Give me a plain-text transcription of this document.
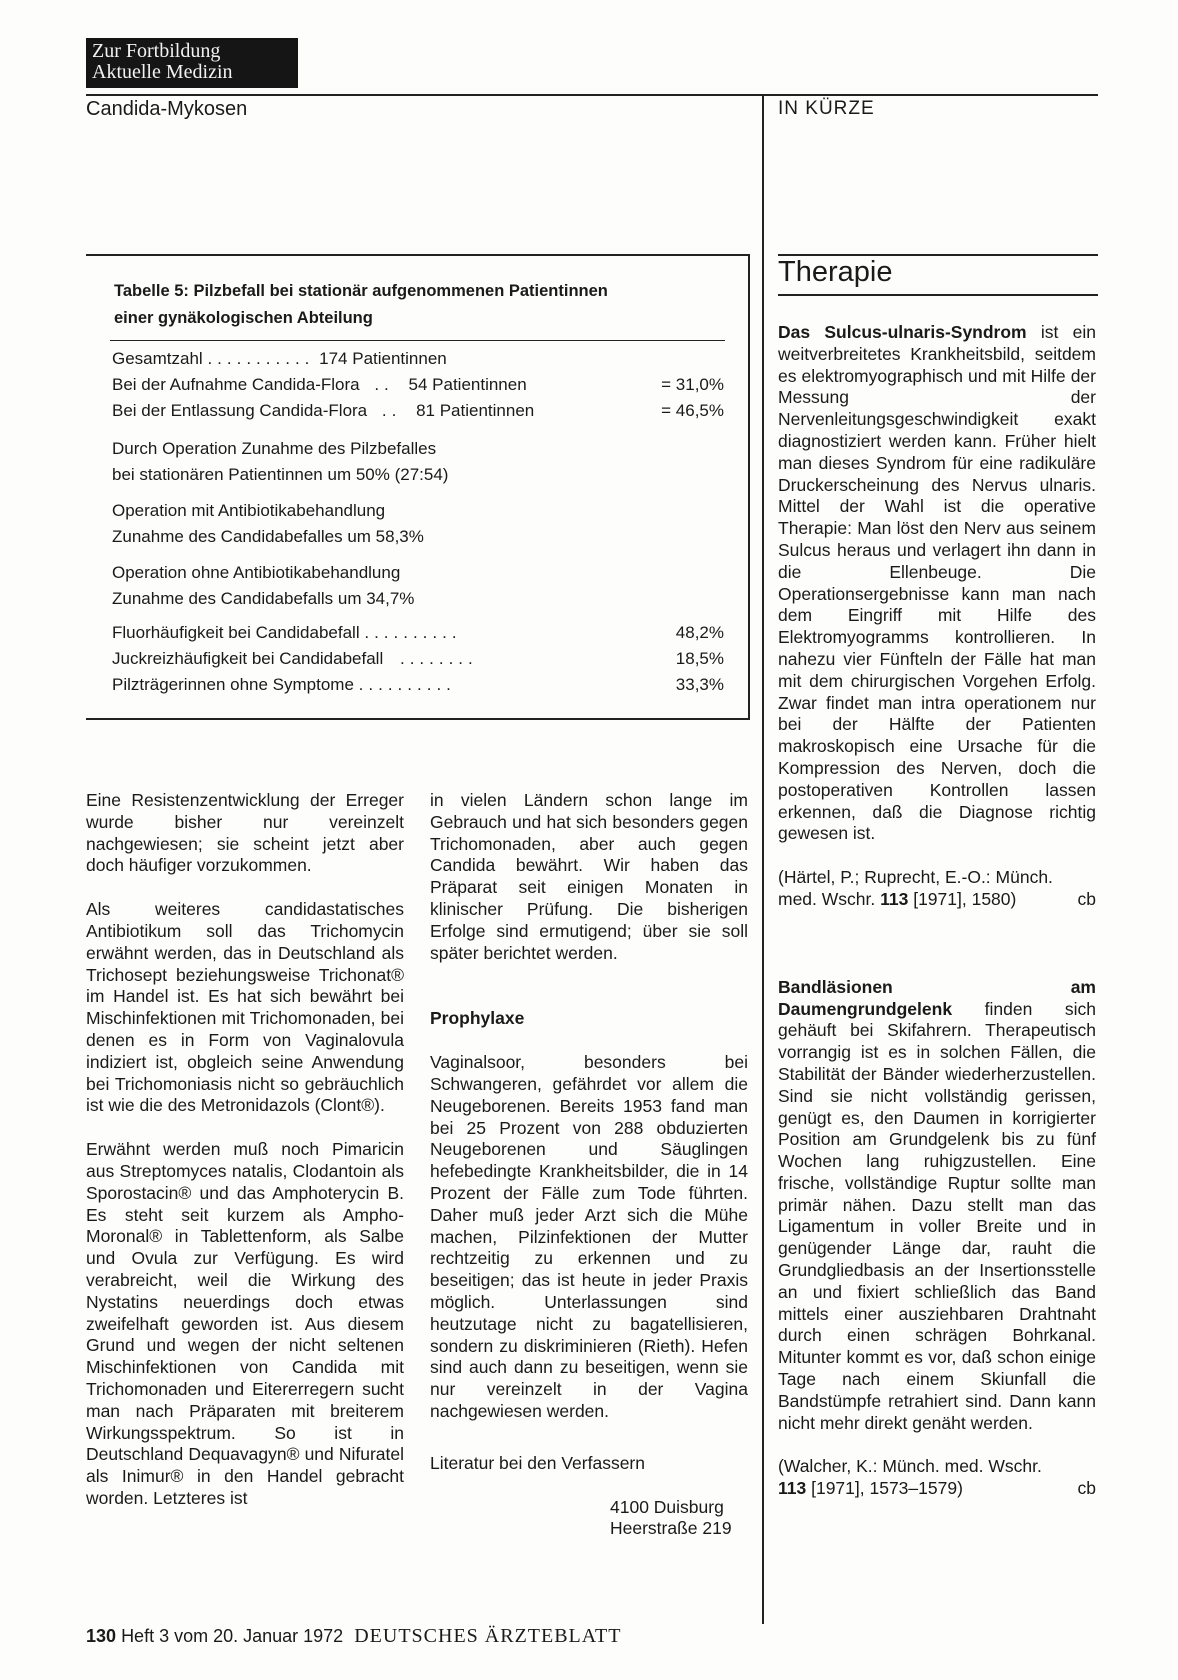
Zur Fortbildung
Aktuelle Medizin
Candida-Mykosen	IN KÜRZE
Tabelle 5: Pilzbefall bei stationär aufgenommenen Patientinnen
einer gynäkologischen Abteilung
Gesamtzahl ........... 174 Patientinnen
Bei der Aufnahme Candida-Flora .. 54 Patientinnen	= 31,0%
Bei der Entlassung Candida-Flora .. 81 Patientinnen	= 46,5%
Durch Operation Zunahme des Pilzbefalles
bei stationären Patientinnen um 50% (27:54)
Operation mit Antibiotikabehandlung
Zunahme des Candidabefalles um 58,3%
Operation ohne Antibiotikabehandlung
Zunahme des Candidabefalls um 34,7%
Fluorhäufigkeit bei Candidabefall ..........	48,2%
Juckreizhäufigkeit bei Candidabefall ........	18,5%
Pilzträgerinnen ohne Symptome ..........	33,3%

Eine Resistenzentwicklung der Erreger wurde bisher nur vereinzelt nachgewiesen; sie scheint jetzt aber doch häufiger vorzukommen.

Als weiteres candidastatisches Antibiotikum soll das Trichomycin erwähnt werden, das in Deutschland als Trichosept beziehungsweise Trichonat® im Handel ist. Es hat sich bewährt bei Mischinfektionen mit Trichomonaden, bei denen es in Form von Vaginalovula indiziert ist, obgleich seine Anwendung bei Trichomoniasis nicht so gebräuchlich ist wie die des Metronidazols (Clont®).

Erwähnt werden muß noch Pimaricin aus Streptomyces natalis, Clodantoin als Sporostacin® und das Amphoterycin B. Es steht seit kurzem als Ampho-Moronal® in Tablettenform, als Salbe und Ovula zur Verfügung. Es wird verabreicht, weil die Wirkung des Nystatins neuerdings doch etwas zweifelhaft geworden ist. Aus diesem Grund und wegen der nicht seltenen Mischinfektionen von Candida mit Trichomonaden und Eitererregern sucht man nach Präparaten mit breiterem Wirkungsspektrum. So ist in Deutschland Dequavagyn® und Nifuratel als Inimur® in den Handel gebracht worden. Letzteres ist

in vielen Ländern schon lange im Gebrauch und hat sich besonders gegen Trichomonaden, aber auch gegen Candida bewährt. Wir haben das Präparat seit einigen Monaten in klinischer Prüfung. Die bisherigen Erfolge sind ermutigend; über sie soll später berichtet werden.

Prophylaxe

Vaginalsoor, besonders bei Schwangeren, gefährdet vor allem die Neugeborenen. Bereits 1953 fand man bei 25 Prozent von 288 obduzierten Neugeborenen und Säuglingen hefebedingte Krankheitsbilder, die in 14 Prozent der Fälle zum Tode führten. Daher muß jeder Arzt sich die Mühe machen, Pilzinfektionen der Mutter rechtzeitig zu erkennen und zu beseitigen; das ist heute in jeder Praxis möglich. Unterlassungen sind heutzutage nicht zu bagatellisieren, sondern zu diskriminieren (Rieth). Hefen sind auch dann zu beseitigen, wenn sie nur vereinzelt in der Vagina nachgewiesen werden.

Literatur bei den Verfassern

4100 Duisburg
Heerstraße 219
Therapie

Das Sulcus-ulnaris-Syndrom ist ein weitverbreitetes Krankheitsbild, seitdem es elektromyographisch und mit Hilfe der Messung der Nervenleitungsgeschwindigkeit exakt diagnostiziert werden kann. Früher hielt man dieses Syndrom für eine radikuläre Druckerscheinung des Nervus ulnaris. Mittel der Wahl ist die operative Therapie: Man löst den Nerv aus seinem Sulcus heraus und verlagert ihn dann in die Ellenbeuge. Die Operationsergebnisse kann man nach dem Eingriff mit Hilfe des Elektromyogramms kontrollieren. In nahezu vier Fünfteln der Fälle hat man mit dem chirurgischen Vorgehen Erfolg. Zwar findet man intra operationem nur bei der Hälfte der Patienten makroskopisch eine Ursache für die Kompression des Nerven, doch die postoperativen Kontrollen lassen erkennen, daß die Diagnose richtig gewesen ist.

(Härtel, P.; Ruprecht, E.-O.: Münch.
med. Wschr. 113 [1971], 1580)	cb

Bandläsionen am Daumengrundgelenk finden sich gehäuft bei Skifahrern. Therapeutisch vorrangig ist es in solchen Fällen, die Stabilität der Bänder wiederherzustellen. Sind sie nicht vollständig gerissen, genügt es, den Daumen in korrigierter Position am Grundgelenk bis zu fünf Wochen lang ruhigzustellen. Eine frische, vollständige Ruptur sollte man primär nähen. Dazu stellt man das Ligamentum in voller Breite und in genügender Länge dar, rauht die Grundgliedbasis an der Insertionsstelle an und fixiert schließlich das Band mittels einer ausziehbaren Drahtnaht durch einen schrägen Bohrkanal. Mitunter kommt es vor, daß schon einige Tage nach einem Skiunfall die Bandstümpfe retrahiert sind. Dann kann nicht mehr direkt genäht werden.

(Walcher, K.: Münch. med. Wschr.
113 [1971], 1573–1579)	cb
130 Heft 3 vom 20. Januar 1972 DEUTSCHES ÄRZTEBLATT
